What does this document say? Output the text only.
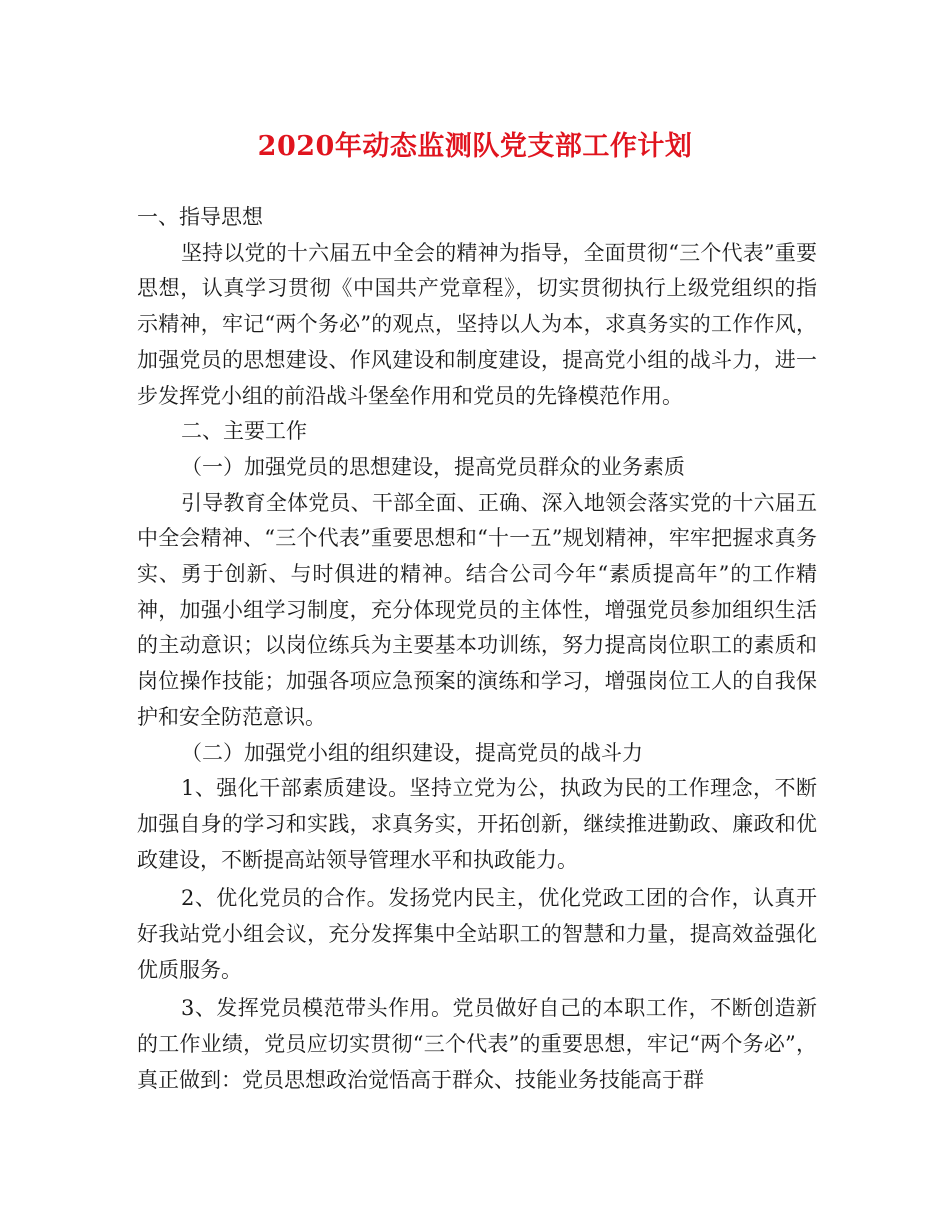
2020年动态监测队党支部工作计划

一、指导思想

坚持以党的十六届五中全会的精神为指导，全面贯彻“三个代表”重要思想，认真学习贯彻《中国共产党章程》，切实贯彻执行上级党组织的指示精神，牢记“两个务必”的观点，坚持以人为本，求真务实的工作作风，加强党员的思想建设、作风建设和制度建设，提高党小组的战斗力，进一步发挥党小组的前沿战斗堡垒作用和党员的先锋模范作用。

二、主要工作

（一）加强党员的思想建设，提高党员群众的业务素质

引导教育全体党员、干部全面、正确、深入地领会落实党的十六届五中全会精神、“三个代表”重要思想和“十一五”规划精神，牢牢把握求真务实、勇于创新、与时俱进的精神。结合公司今年“素质提高年”的工作精神，加强小组学习制度，充分体现党员的主体性，增强党员参加组织生活的主动意识；以岗位练兵为主要基本功训练，努力提高岗位职工的素质和岗位操作技能；加强各项应急预案的演练和学习，增强岗位工人的自我保护和安全防范意识。

（二）加强党小组的组织建设，提高党员的战斗力

1、强化干部素质建设。坚持立党为公，执政为民的工作理念，不断加强自身的学习和实践，求真务实，开拓创新，继续推进勤政、廉政和优政建设，不断提高站领导管理水平和执政能力。

2、优化党员的合作。发扬党内民主，优化党政工团的合作，认真开好我站党小组会议，充分发挥集中全站职工的智慧和力量，提高效益强化优质服务。

3、发挥党员模范带头作用。党员做好自己的本职工作，不断创造新的工作业绩，党员应切实贯彻“三个代表”的重要思想，牢记“两个务必”，真正做到：党员思想政治觉悟高于群众、技能业务技能高于群
